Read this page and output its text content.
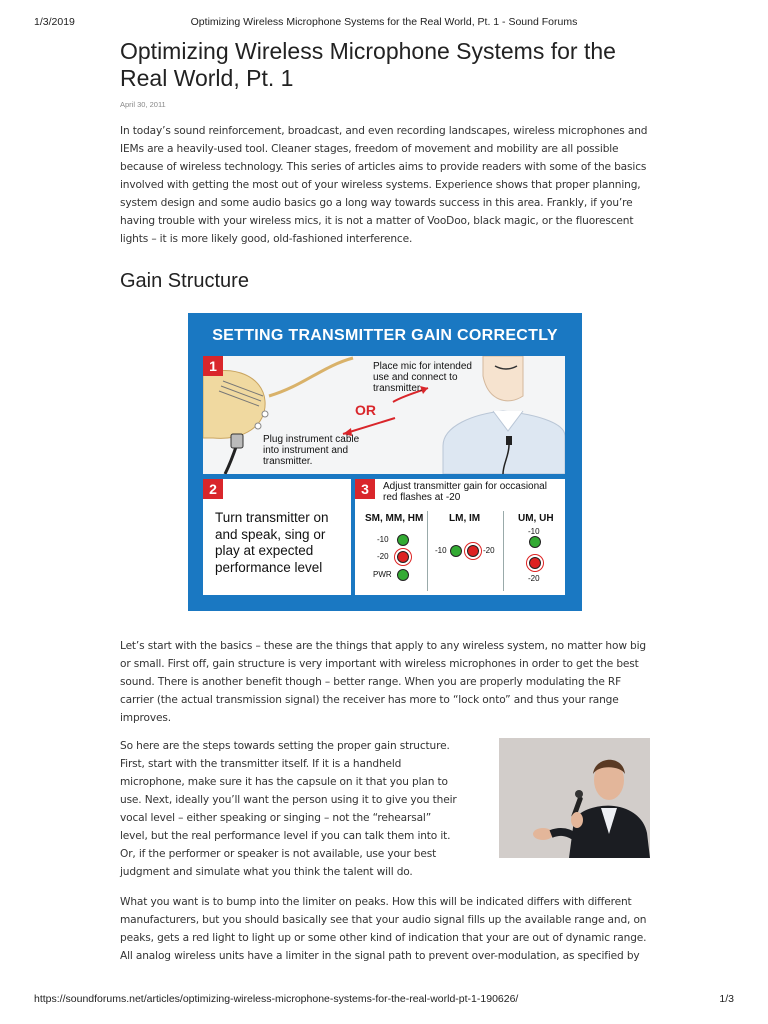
1/3/2019	Optimizing Wireless Microphone Systems for the Real World, Pt. 1 - Sound Forums
Optimizing Wireless Microphone Systems for the Real World, Pt. 1
April 30, 2011

In today’s sound reinforcement, broadcast, and even recording landscapes, wireless microphones and IEMs are a heavily-used tool. Cleaner stages, freedom of movement and mobility are all possible because of wireless technology. This series of articles aims to provide readers with some of the basics involved with getting the most out of your wireless systems. Experience shows that proper planning, system design and some audio basics go a long way towards success in this area. Frankly, if you’re having trouble with your wireless mics, it is not a matter of VooDoo, black magic, or the fluorescent lights – it is more likely good, old-fashioned interference.

Gain Structure
SETTING TRANSMITTER GAIN CORRECTLY
1	Place mic for intended use and connect to transmitter.
OR
Plug instrument cable into instrument and transmitter.
2
Turn transmitter on and speak, sing or play at expected performance level
3	Adjust transmitter gain for occasional red flashes at -20
SM, MM, HM	LM, IM	UM, UH
-10
-20
PWR
-10	-20
-10
-20

Let’s start with the basics – these are the things that apply to any wireless system, no matter how big or small. First off, gain structure is very important with wireless microphones in order to get the best sound. There is another benefit though – better range. When you are properly modulating the RF carrier (the actual transmission signal) the receiver has more to “lock onto” and thus your range improves.

So here are the steps towards setting the proper gain structure. First, start with the transmitter itself. If it is a handheld microphone, make sure it has the capsule on it that you plan to use. Next, ideally you’ll want the person using it to give you their vocal level – either speaking or singing – not the “rehearsal” level, but the real performance level if you can talk them into it. Or, if the performer or speaker is not available, use your best judgment and simulate what you think the talent will do.

What you want is to bump into the limiter on peaks. How this will be indicated differs with different manufacturers, but you should basically see that your audio signal fills up the available range and, on peaks, gets a red light to light up or some other kind of indication that your are out of dynamic range. All analog wireless units have a limiter in the signal path to prevent over-modulation, as specified by

https://soundforums.net/articles/optimizing-wireless-microphone-systems-for-the-real-world-pt-1-190626/	1/3
